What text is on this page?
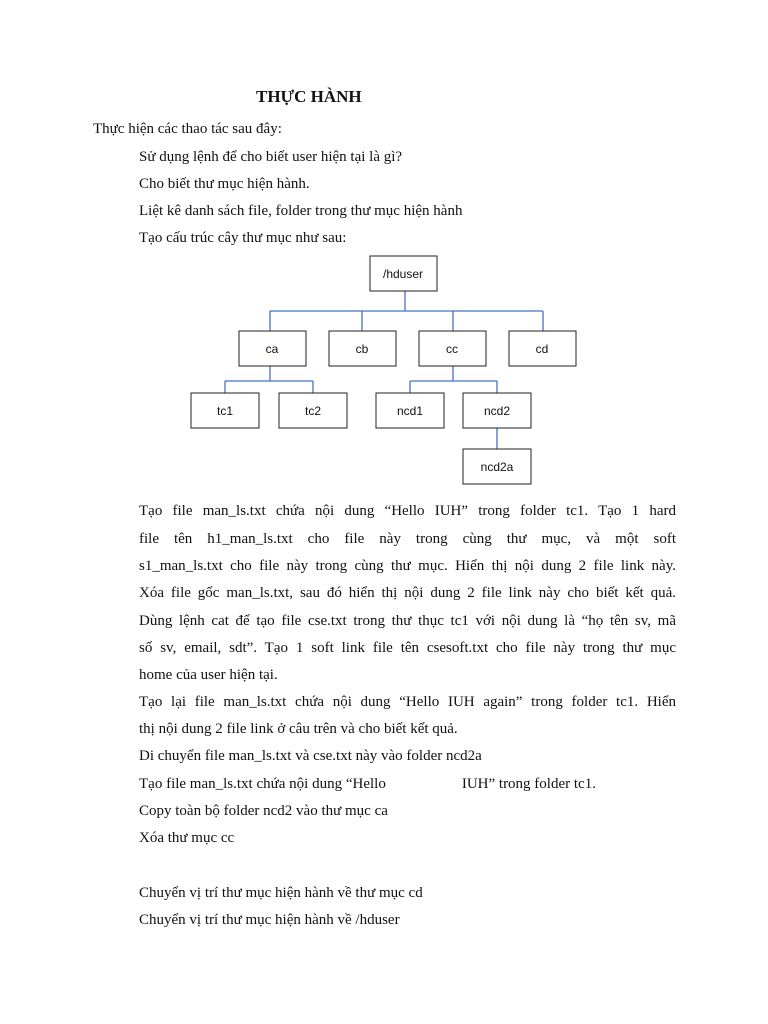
THỰC HÀNH
Thực hiện các thao tác sau đây:
Sử dụng lệnh để cho biết user hiện tại là gì?
Cho biết thư mục hiện hành.
Liệt kê danh sách file, folder trong thư mục hiện hành
Tạo cấu trúc cây thư mục như sau:
/hduser
ca	cb	cc	cd
tc1	tc2	ncd1	ncd2
ncd2a
Tạo file man_ls.txt chứa nội dung “Hello IUH” trong folder tc1. Tạo 1 hard
file tên h1_man_ls.txt cho file này trong cùng thư mục, và một soft
s1_man_ls.txt cho file này trong cùng thư mục. Hiển thị nội dung 2 file link này.
Xóa file gốc man_ls.txt, sau đó hiển thị nội dung 2 file link này cho biết kết quả.
Dùng lệnh cat để tạo file cse.txt trong thư thục tc1 với nội dung là “họ tên sv, mã
số sv, email, sdt”. Tạo 1 soft link file tên csesoft.txt cho file này trong thư mục
home của user hiện tại.
Tạo lại file man_ls.txt chứa nội dung “Hello IUH again” trong folder tc1. Hiển
thị nội dung 2 file link ở câu trên và cho biết kết quả.
Di chuyển file man_ls.txt và cse.txt này vào folder ncd2a
Tạo file man_ls.txt chứa nội dung “Hello	IUH” trong folder tc1.
Copy toàn bộ folder ncd2 vào thư mục ca
Xóa thư mục cc
Chuyển vị trí thư mục hiện hành về thư mục cd
Chuyển vị trí thư mục hiện hành về /hduser
